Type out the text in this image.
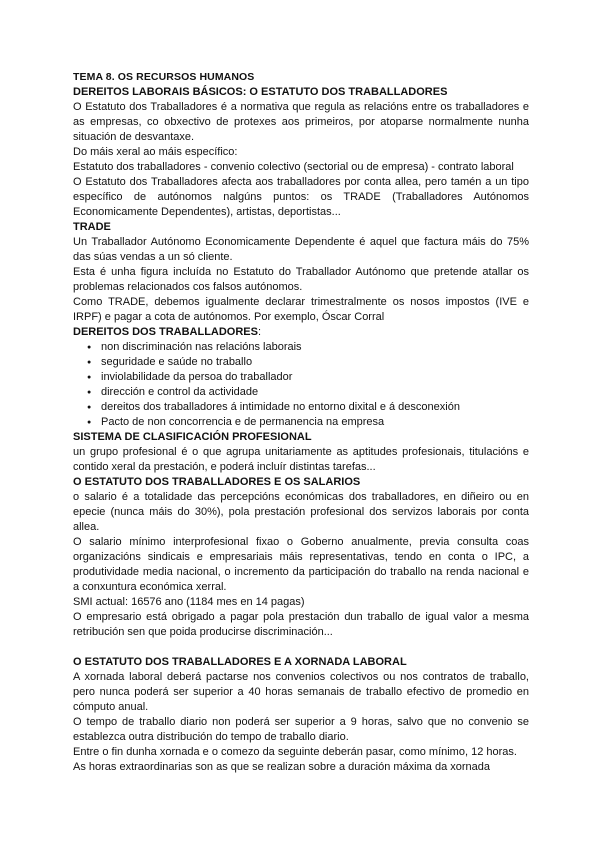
TEMA 8. OS RECURSOS HUMANOS

DEREITOS LABORAIS BÁSICOS: O ESTATUTO DOS TRABALLADORES

O Estatuto dos Traballadores é a normativa que regula as relacións entre os traballadores e as empresas, co obxectivo de protexes aos primeiros, por atoparse normalmente nunha situación de desvantaxe.

Do máis xeral ao máis específico:

Estatuto dos traballadores - convenio colectivo (sectorial ou de empresa) - contrato laboral

O Estatuto dos Traballadores afecta aos traballadores por conta allea, pero tamén a un tipo específico de autónomos nalgúns puntos: os TRADE (Traballadores Autónomos Economicamente Dependentes), artistas, deportistas...

TRADE

Un Traballador Autónomo Economicamente Dependente é aquel que factura máis do 75% das súas vendas a un só cliente.

Esta é unha figura incluída no Estatuto do Traballador Autónomo que pretende atallar os problemas relacionados cos falsos autónomos.

Como TRADE, debemos igualmente declarar trimestralmente os nosos impostos (IVE e IRPF) e pagar a cota de autónomos. Por exemplo, Óscar Corral

DEREITOS DOS TRABALLADORES:

● non discriminación nas relacións laborais
● seguridade e saúde no traballo
● inviolabilidade da persoa do traballador
● dirección e control da actividade
● dereitos dos traballadores á intimidade no entorno dixital e á desconexión
● Pacto de non concorrencia e de permanencia na empresa

SISTEMA DE CLASIFICACIÓN PROFESIONAL

un grupo profesional é o que agrupa unitariamente as aptitudes profesionais, titulacións e contido xeral da prestación, e poderá incluír distintas tarefas...

O ESTATUTO DOS TRABALLADORES E OS SALARIOS

o salario é a totalidade das percepcións económicas dos traballadores, en diñeiro ou en epecie (nunca máis do 30%), pola prestación profesional dos servizos laborais por conta allea.

O salario mínimo interprofesional fixao o Goberno anualmente, previa consulta coas organizacións sindicais e empresariais máis representativas, tendo en conta o IPC, a produtividade media nacional, o incremento da participación do traballo na renda nacional e a conxuntura económica xerral.

SMI actual: 16576 ano (1184 mes en 14 pagas)

O empresario está obrigado a pagar pola prestación dun traballo de igual valor a mesma retribución sen que poida producirse discriminación...

O ESTATUTO DOS TRABALLADORES E A XORNADA LABORAL

A xornada laboral deberá pactarse nos convenios colectivos ou nos contratos de traballo, pero nunca poderá ser superior a 40 horas semanais de traballo efectivo de promedio en cómputo anual.

O tempo de traballo diario non poderá ser superior a 9 horas, salvo que no convenio se establezca outra distribución do tempo de traballo diario.

Entre o fin dunha xornada e o comezo da seguinte deberán pasar, como mínimo, 12 horas.

As horas extraordinarias son as que se realizan sobre a duración máxima da xornada
